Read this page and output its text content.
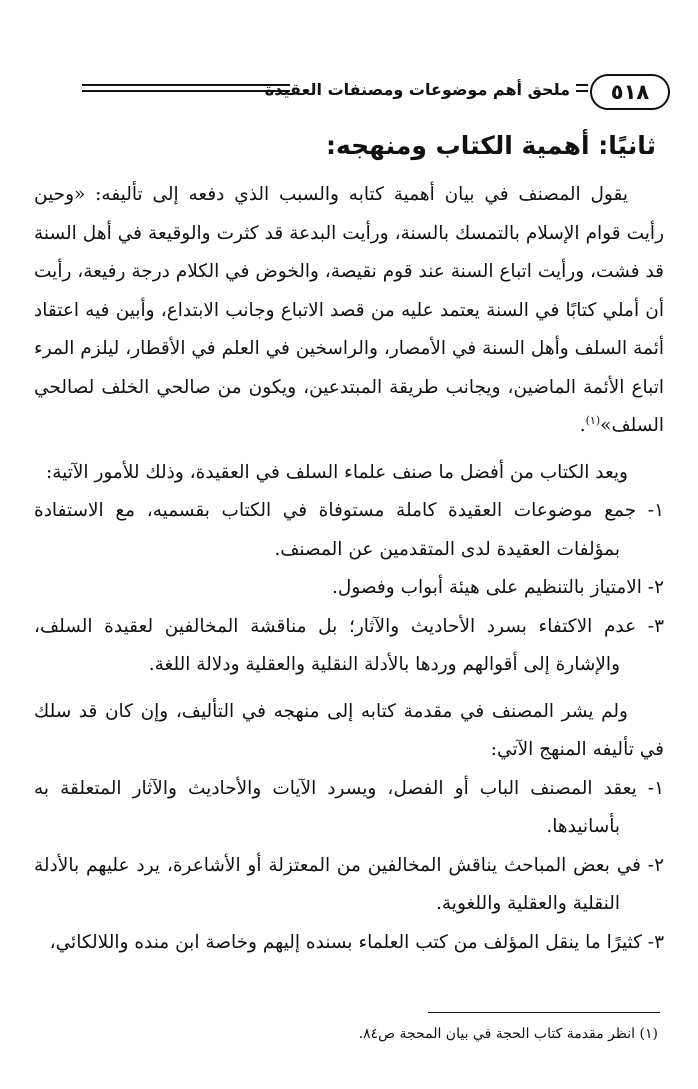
٥١٨
ملحق أهم موضوعات ومصنفات العقيدة
ثانيًا: أهمية الكتاب ومنهجه:

يقول المصنف في بيان أهمية كتابه والسبب الذي دفعه إلى تأليفه: «وحين رأيت قوام الإسلام بالتمسك بالسنة، ورأيت البدعة قد كثرت والوقيعة في أهل السنة قد فشت، ورأيت اتباع السنة عند قوم نقيصة، والخوض في الكلام درجة رفيعة، رأيت أن أملي كتابًا في السنة يعتمد عليه من قصد الاتباع وجانب الابتداع، وأبين فيه اعتقاد أئمة السلف وأهل السنة في الأمصار، والراسخين في العلم في الأقطار، ليلزم المرء اتباع الأئمة الماضين، ويجانب طريقة المبتدعين، ويكون من صالحي الخلف لصالحي السلف»$^{(١)}$.

ويعد الكتاب من أفضل ما صنف علماء السلف في العقيدة، وذلك للأمور الآتية:

١- جمع موضوعات العقيدة كاملة مستوفاة في الكتاب بقسميه، مع الاستفادة بمؤلفات العقيدة لدى المتقدمين عن المصنف.

٢- الامتياز بالتنظيم على هيئة أبواب وفصول.

٣- عدم الاكتفاء بسرد الأحاديث والآثار؛ بل مناقشة المخالفين لعقيدة السلف، والإشارة إلى أقوالهم وردها بالأدلة النقلية والعقلية ودلالة اللغة.

ولم يشر المصنف في مقدمة كتابه إلى منهجه في التأليف، وإن كان قد سلك في تأليفه المنهج الآتي:

١- يعقد المصنف الباب أو الفصل، ويسرد الآيات والأحاديث والآثار المتعلقة به بأسانيدها.

٢- في بعض المباحث يناقش المخالفين من المعتزلة أو الأشاعرة، يرد عليهم بالأدلة النقلية والعقلية واللغوية.

٣- كثيرًا ما ينقل المؤلف من كتب العلماء بسنده إليهم وخاصة ابن منده واللالكائي،

(١) انظر مقدمة كتاب الحجة في بيان المحجة ص٨٤.
